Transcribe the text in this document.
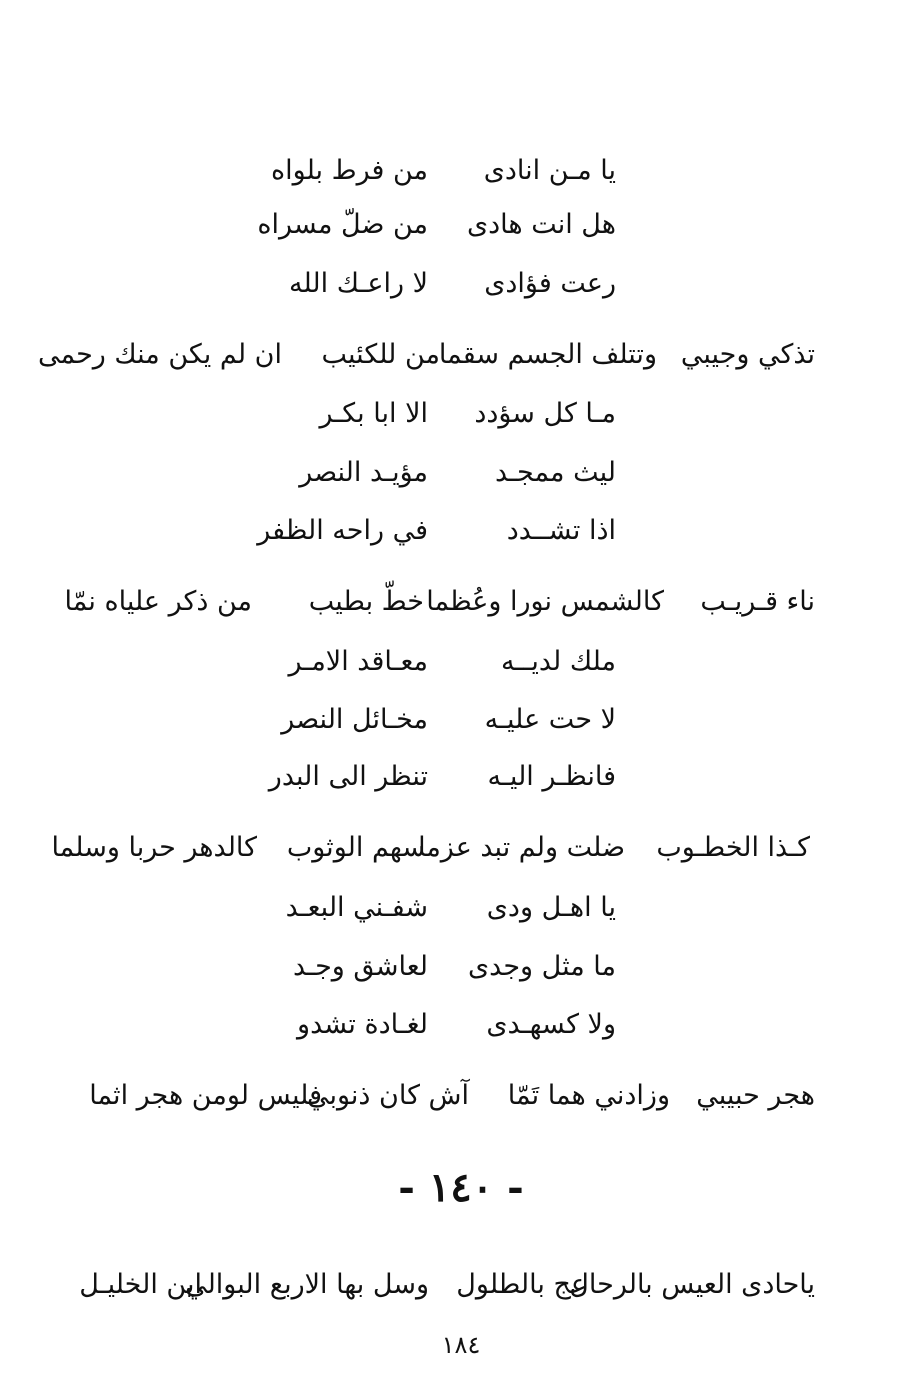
يا مـن انادى
من فرط بلواه
هل انت هادى
من ضلّ مسراه
رعت فؤادى
لا راعـك الله
تذكي وجيبي
وتتلف الجسم سقما
من للكئيب
ان لم يكن منك رحمى
مـا كل سؤدد
الا ابا بكـر
ليث ممجـد
مؤيـد النصر
اذا تشــدد
في راحه الظفر
ناء قـريـب
كالشمس نورا وعُظما
خطّ بطيب
من ذكر علياه نمّا
ملك لديــه
معـاقد الامـر
لا حت عليـه
مخـائل النصر
فانظـر اليـه
تنظر الى البدر
كـذا الخطـوب
ضلت ولم تبد عزما
سهم الوثوب
كالدهر حربا وسلما
يا اهـل ودى
شفـني البعـد
ما مثل وجدى
لعاشق وجـد
ولا كسهـدى
لغـادة تشدو
هجر حبيبي
وزادني هما تَمّا
آش كان ذنوبي
فليس لومن هجر اثما
- ١٤٠ -
ياحادى العيس بالرحال
عج بالطلول
وسل بها الاربع البوالي
اين الخليـل
١٨٤
